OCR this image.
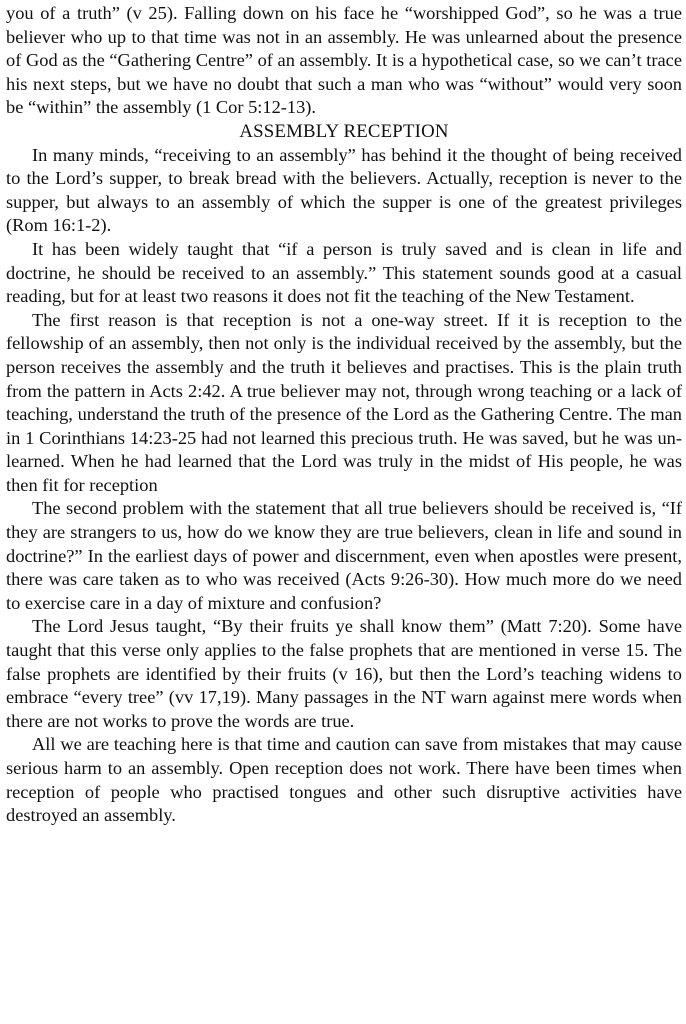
you of a truth” (v 25). Falling down on his face he “worshipped God”, so he was a true believer who up to that time was not in an assembly. He was unlearned about the presence of God as the “Gathering Centre” of an assembly. It is a hypothetical case, so we can’t trace his next steps, but we have no doubt that such a man who was “without” would very soon be “within” the assembly (1 Cor 5:12-13).

ASSEMBLY RECEPTION

In many minds, “receiving to an assembly” has behind it the thought of being received to the Lord’s supper, to break bread with the believers. Actually, reception is never to the supper, but always to an assembly of which the supper is one of the greatest privileges (Rom 16:1-2).

It has been widely taught that “if a person is truly saved and is clean in life and doctrine, he should be received to an assembly.” This statement sounds good at a casual reading, but for at least two reasons it does not fit the teaching of the New Testament.

The first reason is that reception is not a one-way street. If it is reception to the fellowship of an assembly, then not only is the individual received by the assembly, but the person receives the assembly and the truth it believes and practises. This is the plain truth from the pattern in Acts 2:42. A true believer may not, through wrong teaching or a lack of teaching, understand the truth of the presence of the Lord as the Gathering Centre. The man in 1 Corinthians 14:23-25 had not learned this precious truth. He was saved, but he was unlearned. When he had learned that the Lord was truly in the midst of His people, he was then fit for reception

The second problem with the statement that all true believers should be received is, “If they are strangers to us, how do we know they are true believers, clean in life and sound in doctrine?” In the earliest days of power and discernment, even when apostles were present, there was care taken as to who was received (Acts 9:26-30). How much more do we need to exercise care in a day of mixture and confusion?

The Lord Jesus taught, “By their fruits ye shall know them” (Matt 7:20). Some have taught that this verse only applies to the false prophets that are mentioned in verse 15. The false prophets are identified by their fruits (v 16), but then the Lord’s teaching widens to embrace “every tree” (vv 17,19). Many passages in the NT warn against mere words when there are not works to prove the words are true.

All we are teaching here is that time and caution can save from mistakes that may cause serious harm to an assembly. Open reception does not work. There have been times when reception of people who practised tongues and other such disruptive activities have destroyed an assembly.
